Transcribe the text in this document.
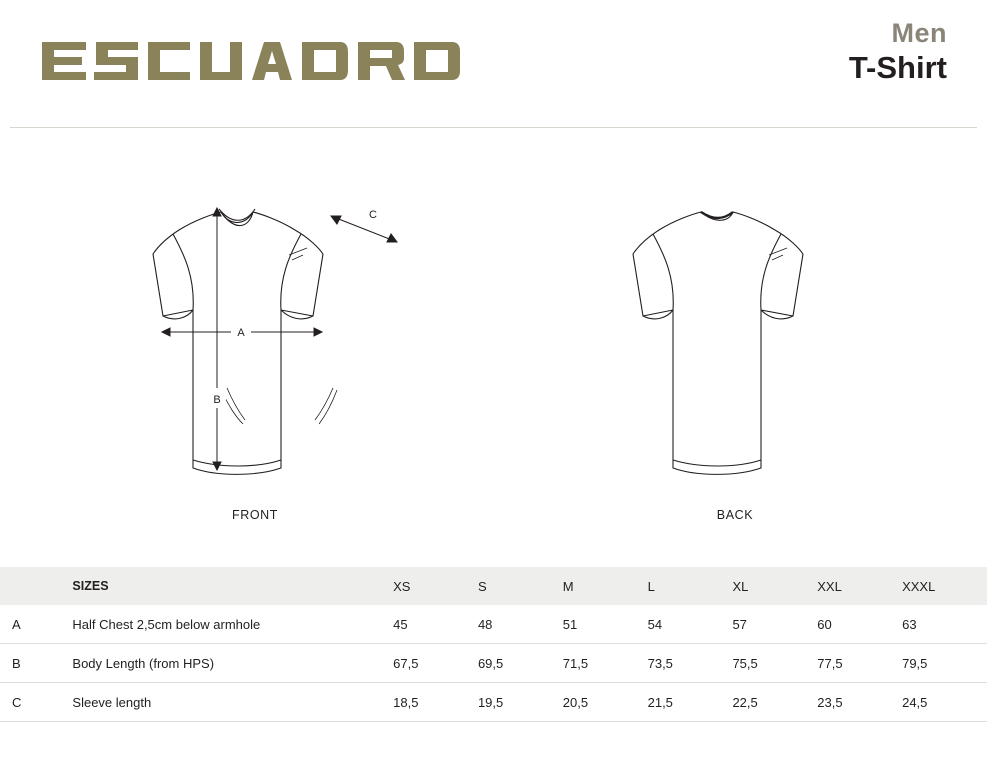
Men
T-Shirt
A
B
C
FRONT	BACK
	SIZES	XS	S	M	L	XL	XXL	XXXL
A	Half Chest 2,5cm below armhole	45	48	51	54	57	60	63
B	Body Length (from HPS)	67,5	69,5	71,5	73,5	75,5	77,5	79,5
C	Sleeve length	18,5	19,5	20,5	21,5	22,5	23,5	24,5
